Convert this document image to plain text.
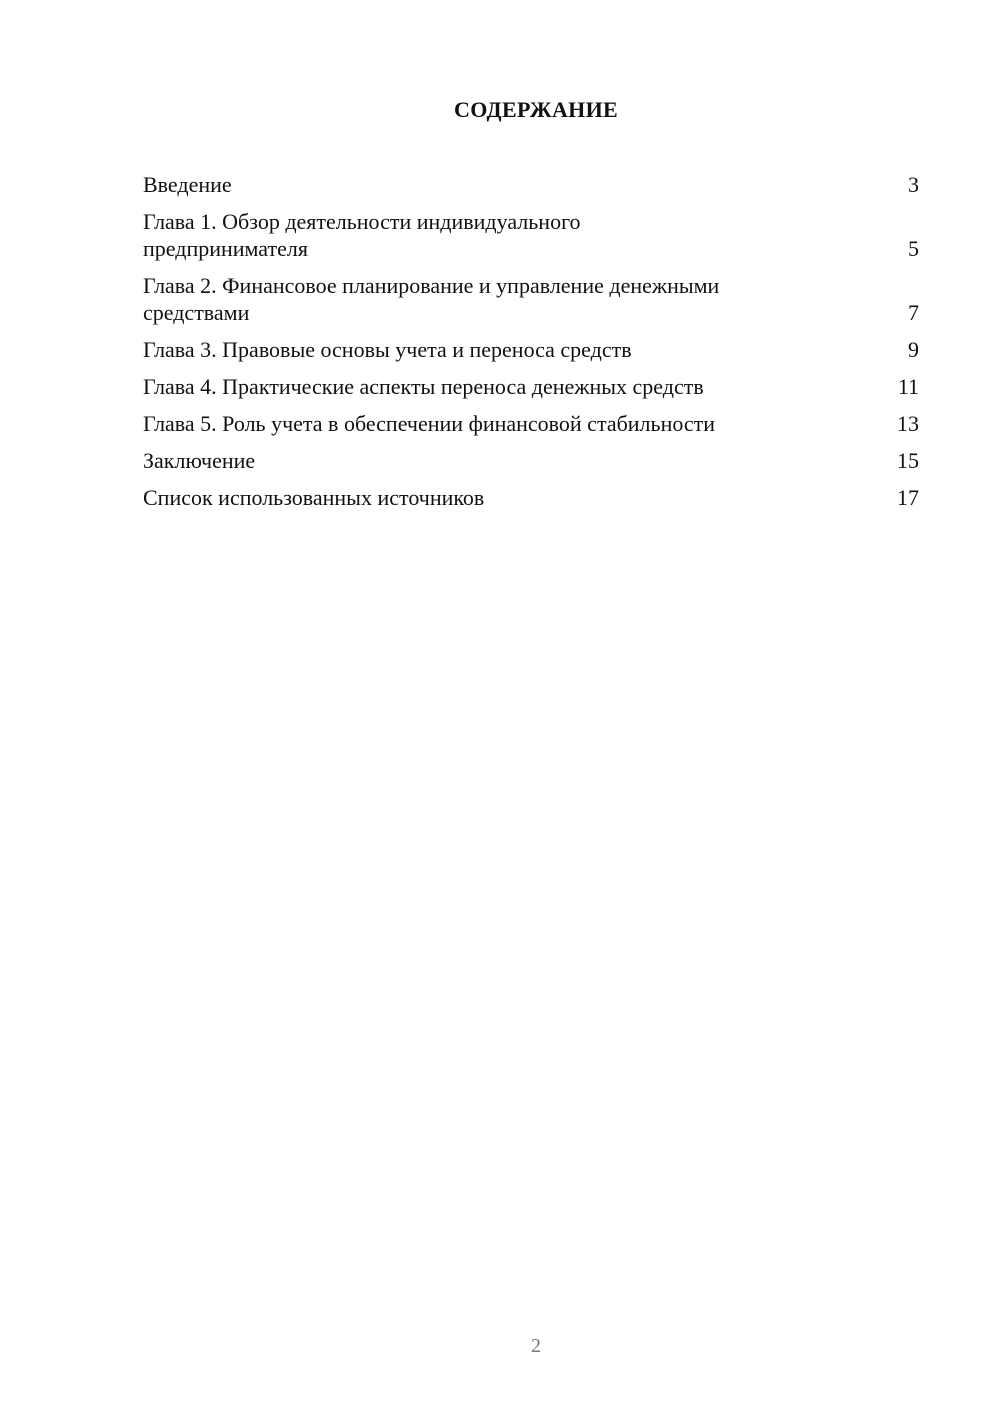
СОДЕРЖАНИЕ
Введение	3
Глава 1. Обзор деятельности индивидуального предпринимателя	5
Глава 2. Финансовое планирование и управление денежными средствами	7
Глава 3. Правовые основы учета и переноса средств	9
Глава 4. Практические аспекты переноса денежных средств	11
Глава 5. Роль учета в обеспечении финансовой стабильности	13
Заключение	15
Список использованных источников	17
2
